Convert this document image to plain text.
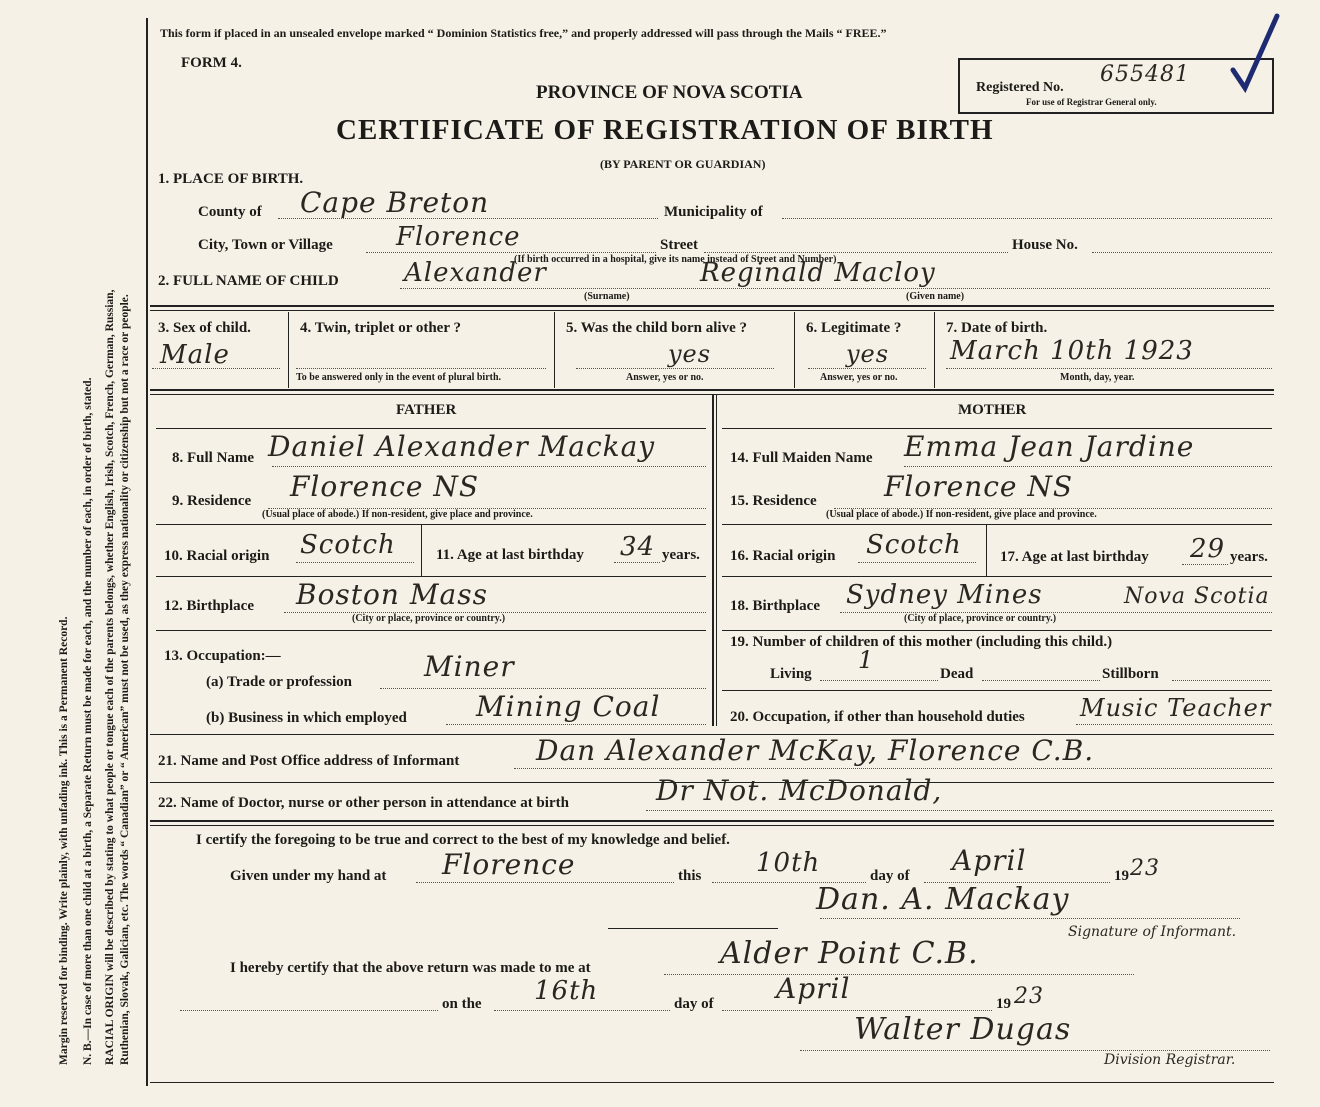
Margin reserved for binding. Write plainly, with unfading ink. This is a Permanent Record. N. B.—In case of more than one child at a birth, a Separate Return must be made for each, and the number of each, in order of birth, stated. RACIAL ORIGIN will be described by stating to what people or tongue each of the parents belongs, whether English, Irish, Scotch, French, German, Russian, Ruthenian, Slovak, Galician, etc. The words “ Canadian” or “ American” must not be used, as they express nationality or citizenship but not a race or people.
This form if placed in an unsealed envelope marked “ Dominion Statistics free,” and properly addressed will pass through the Mails “ FREE.”
FORM 4.
PROVINCE OF NOVA SCOTIA
CERTIFICATE OF REGISTRATION OF BIRTH
(BY PARENT OR GUARDIAN)
Registered No.
655481
For use of Registrar General only.
1. PLACE OF BIRTH.
County of Cape Breton	Municipality of
City, Town or Village Florence	Street	House No.
(If birth occurred in a hospital, give its name instead of Street and Number)
2. FULL NAME OF CHILD	Alexander	Reginald Macloy
(Surname)	(Given name)
3. Sex of child.
Male
4. Twin, triplet or other ?
To be answered only in the event of plural birth.
5. Was the child born alive ?
yes
Answer, yes or no.
6. Legitimate ?
yes
Answer, yes or no.
7. Date of birth.
March 10th 1923
Month, day, year.
FATHER
8. Full Name Daniel Alexander Mackay
9. Residence Florence NS
(Usual place of abode.) If non-resident, give place and province.
10. Racial origin Scotch	11. Age at last birthday 34 years.
12. Birthplace Boston Mass
(City or place, province or country.)
13. Occupation:—
(a) Trade or profession	Miner
(b) Business in which employed Mining Coal
MOTHER
14. Full Maiden Name Emma Jean Jardine
15. Residence Florence NS
(Usual place of abode.) If non-resident, give place and province.
16. Racial origin Scotch	17. Age at last birthday 29 years.
18. Birthplace Sydney Mines	Nova Scotia
(City of place, province or country.)
19. Number of children of this mother (including this child.)
Living 1	Dead	Stillborn
20. Occupation, if other than household duties Music Teacher
21. Name and Post Office address of Informant	Dan Alexander McKay, Florence C.B.
22. Name of Doctor, nurse or other person in attendance at birth	Dr Not. McDonald,
I certify the foregoing to be true and correct to the best of my knowledge and belief.
Given under my hand at Florence	this 10th	day of April	19 23
Dan. A. Mackay
Signature of Informant.
I hereby certify that the above return was made to me at	Alder Point C.B.
on the 16th	day of April	19 23
Walter Dugas
Division Registrar.
